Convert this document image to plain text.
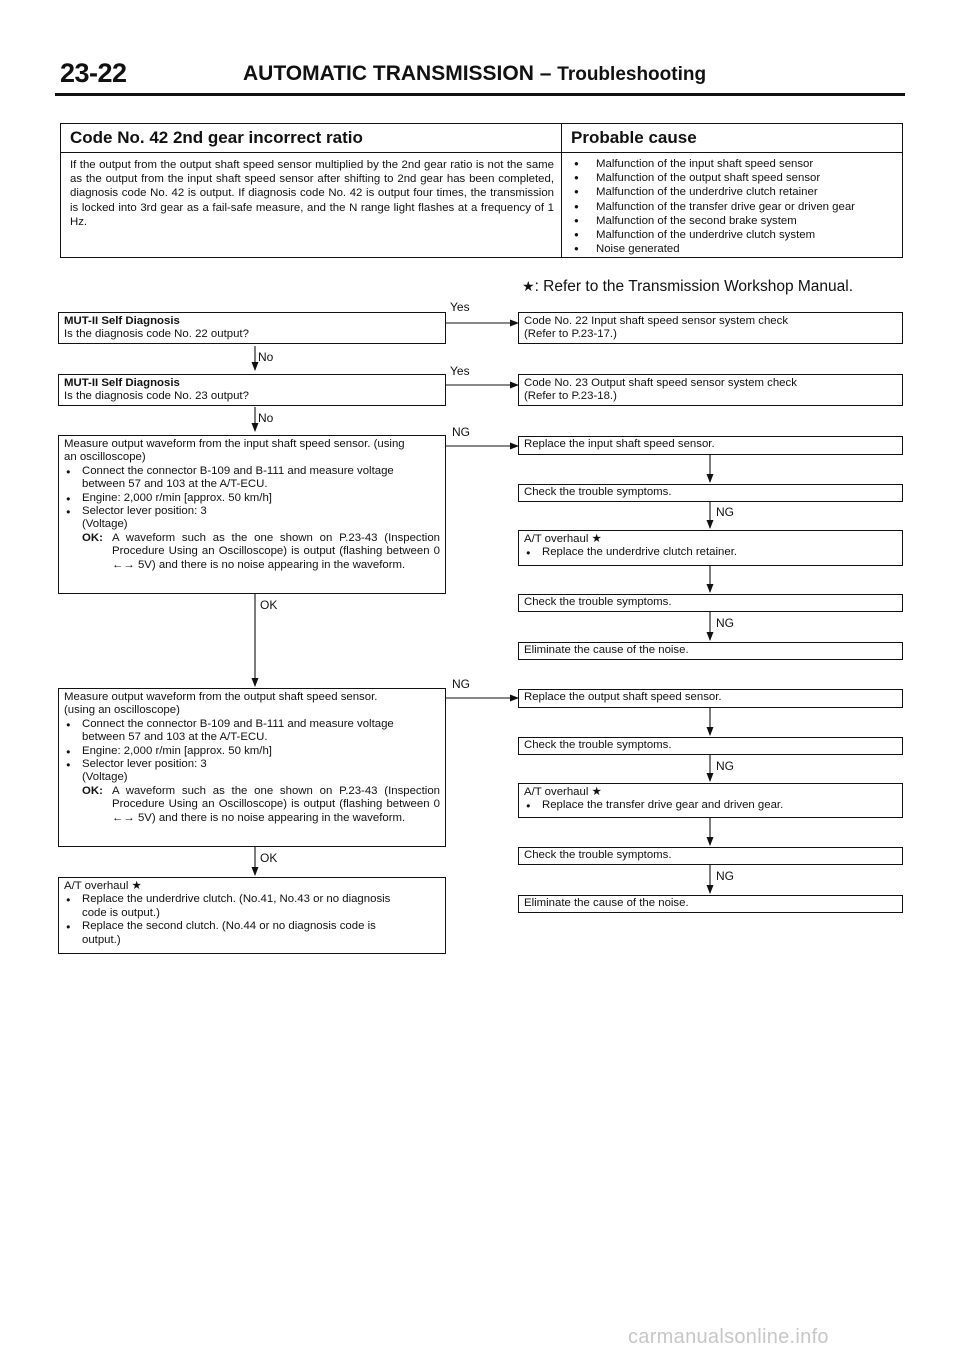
23-22	AUTOMATIC TRANSMISSION – Troubleshooting
Code No. 42 2nd gear incorrect ratio	Probable cause
If the output from the output shaft speed sensor multiplied by the 2nd gear ratio is not the same as the output from the input shaft speed sensor after shifting to 2nd gear has been completed, diagnosis code No. 42 is output. If diagnosis code No. 42 is output four times, the transmission is locked into 3rd gear as a fail-safe measure, and the N range light flashes at a frequency of 1 Hz.
● Malfunction of the input shaft speed sensor
● Malfunction of the output shaft speed sensor
● Malfunction of the underdrive clutch retainer
● Malfunction of the transfer drive gear or driven gear
● Malfunction of the second brake system
● Malfunction of the underdrive clutch system
● Noise generated
★: Refer to the Transmission Workshop Manual.
Yes
No
Yes
No
NG
OK
NG
OK
NG
NG
NG
NG
MUT-II Self Diagnosis
Is the diagnosis code No. 22 output?
Code No. 22 Input shaft speed sensor system check
(Refer to P.23-17.)
MUT-II Self Diagnosis
Is the diagnosis code No. 23 output?
Code No. 23 Output shaft speed sensor system check
(Refer to P.23-18.)
Measure output waveform from the input shaft speed sensor. (using
an oscilloscope)
● Connect the connector B-109 and B-111 and measure voltage
between 57 and 103 at the A/T-ECU.
● Engine: 2,000 r/min [approx. 50 km/h]
● Selector lever position: 3
(Voltage)
OK: A waveform such as the one shown on P.23-43 (Inspection Procedure Using an Oscilloscope) is output (flashing between 0 ←→ 5V) and there is no noise appearing in the waveform.
Replace the input shaft speed sensor.
Check the trouble symptoms.
A/T overhaul ★
● Replace the underdrive clutch retainer.
Check the trouble symptoms.
Eliminate the cause of the noise.
Measure output waveform from the output shaft speed sensor.
(using an oscilloscope)
● Connect the connector B-109 and B-111 and measure voltage
between 57 and 103 at the A/T-ECU.
● Engine: 2,000 r/min [approx. 50 km/h]
● Selector lever position: 3
(Voltage)
OK: A waveform such as the one shown on P.23-43 (Inspection Procedure Using an Oscilloscope) is output (flashing between 0 ←→ 5V) and there is no noise appearing in the waveform.
Replace the output shaft speed sensor.
Check the trouble symptoms.
A/T overhaul ★
● Replace the transfer drive gear and driven gear.
Check the trouble symptoms.
Eliminate the cause of the noise.
A/T overhaul ★
● Replace the underdrive clutch. (No.41, No.43 or no diagnosis
code is output.)
● Replace the second clutch. (No.44 or no diagnosis code is
output.)
carmanualsonline.info
